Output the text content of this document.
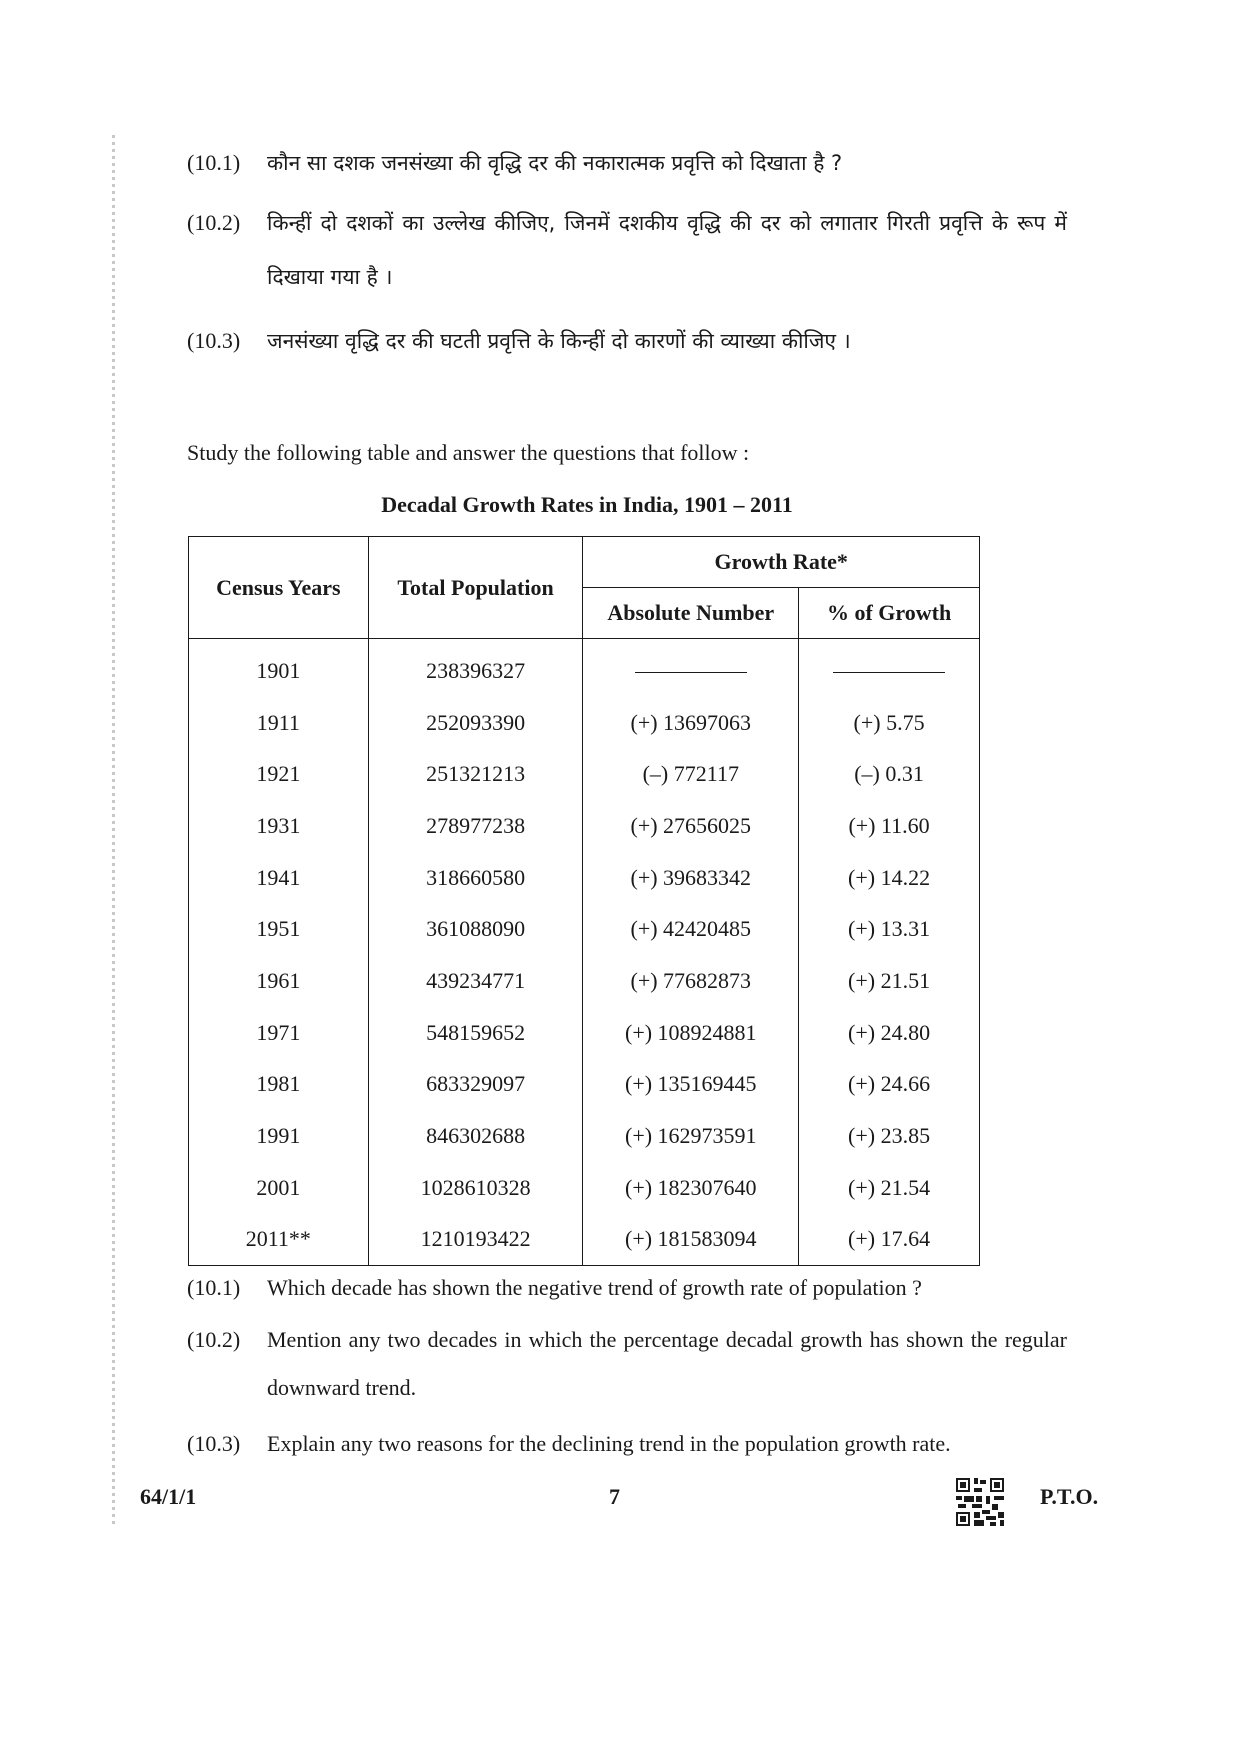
(10.1)	कौन सा दशक जनसंख्या की वृद्धि दर की नकारात्मक प्रवृत्ति को दिखाता है ?
(10.2)	किन्हीं दो दशकों का उल्लेख कीजिए, जिनमें दशकीय वृद्धि की दर को लगातार गिरती प्रवृत्ति के रूप में दिखाया गया है ।
(10.3)	जनसंख्या वृद्धि दर की घटती प्रवृत्ति के किन्हीं दो कारणों की व्याख्या कीजिए ।
Study the following table and answer the questions that follow :
Decadal Growth Rates in India, 1901 – 2011
Census Years	Total Population	Growth Rate*	
		Absolute Number	% of Growth
1901	238396327		
1911	252093390	(+) 13697063	(+) 5.75
1921	251321213	(–) 772117	(–) 0.31
1931	278977238	(+) 27656025	(+) 11.60
1941	318660580	(+) 39683342	(+) 14.22
1951	361088090	(+) 42420485	(+) 13.31
1961	439234771	(+) 77682873	(+) 21.51
1971	548159652	(+) 108924881	(+) 24.80
1981	683329097	(+) 135169445	(+) 24.66
1991	846302688	(+) 162973591	(+) 23.85
2001	1028610328	(+) 182307640	(+) 21.54
2011**	1210193422	(+) 181583094	(+) 17.64
(10.1)	Which decade has shown the negative trend of growth rate of population ?
(10.2)	Mention any two decades in which the percentage decadal growth has shown the regular downward trend.
(10.3)	Explain any two reasons for the declining trend in the population growth rate.
64/1/1	7	P.T.O.
